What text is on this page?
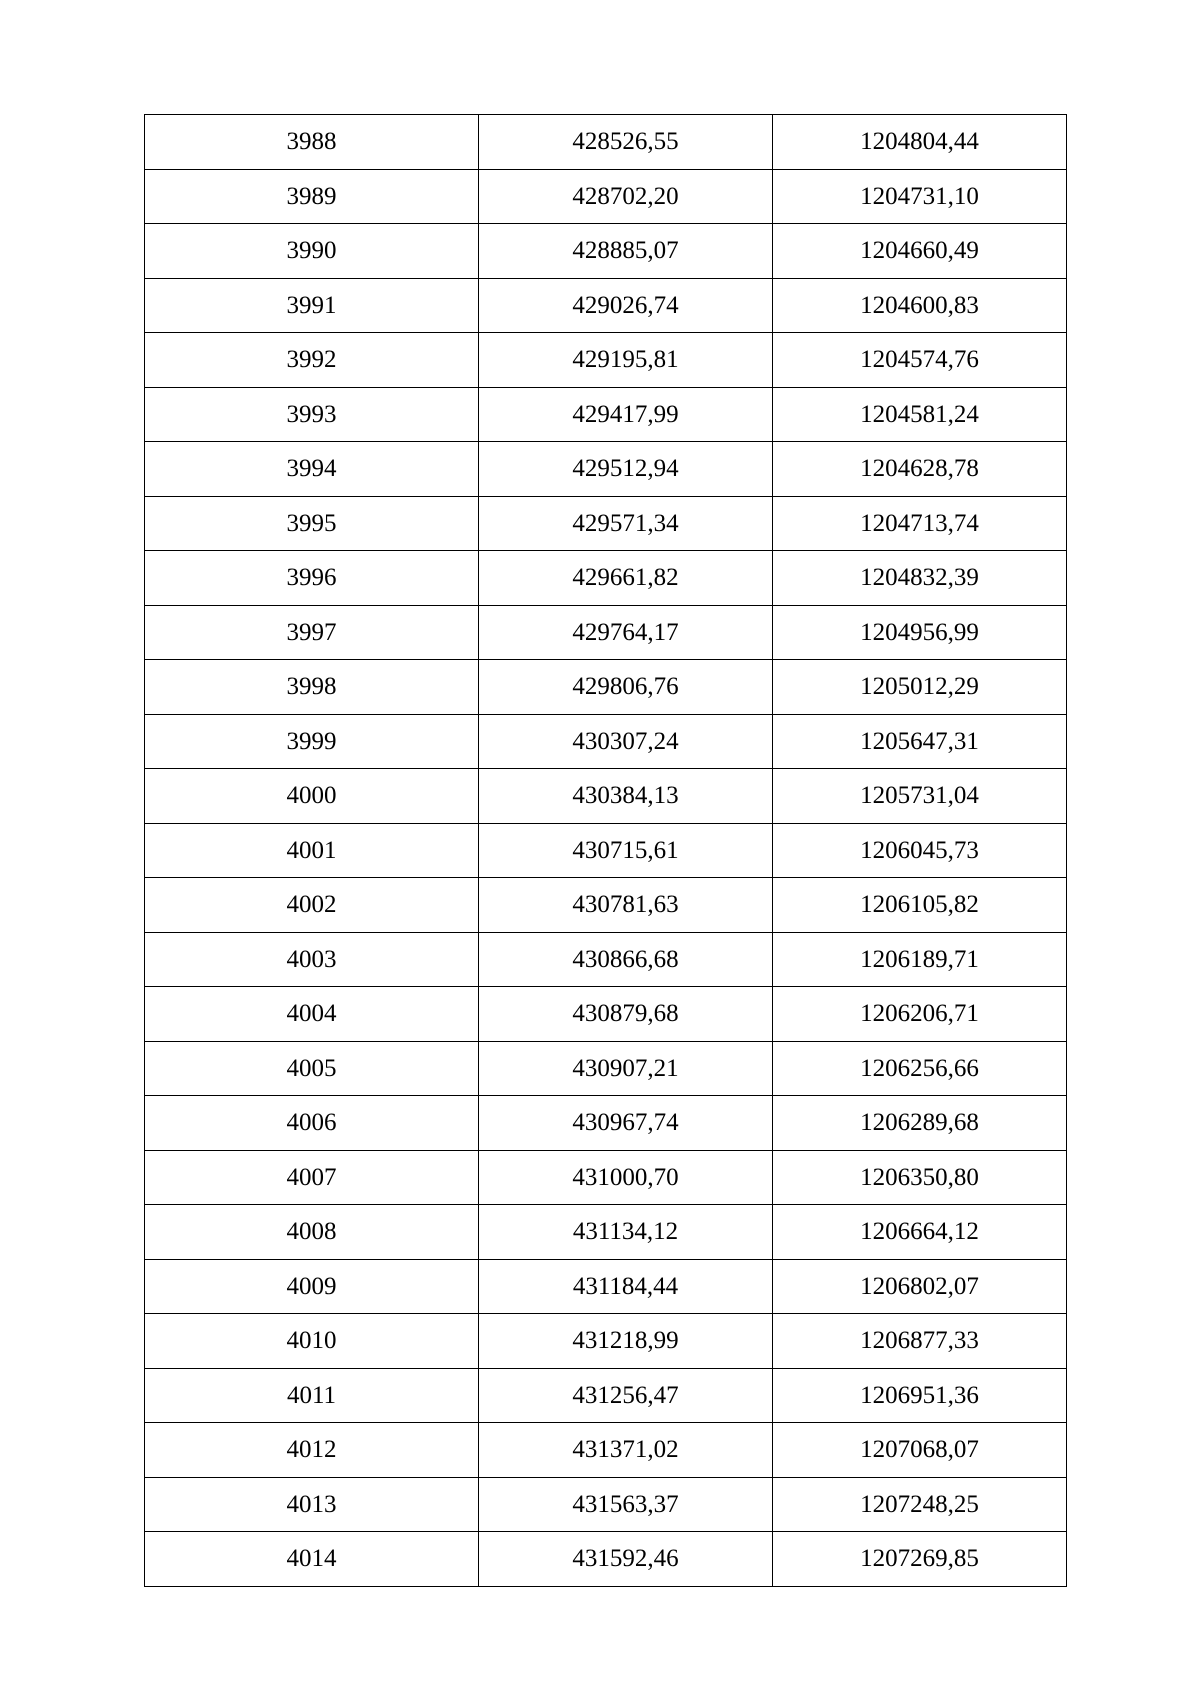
3988	428526,55	1204804,44
3989	428702,20	1204731,10
3990	428885,07	1204660,49
3991	429026,74	1204600,83
3992	429195,81	1204574,76
3993	429417,99	1204581,24
3994	429512,94	1204628,78
3995	429571,34	1204713,74
3996	429661,82	1204832,39
3997	429764,17	1204956,99
3998	429806,76	1205012,29
3999	430307,24	1205647,31
4000	430384,13	1205731,04
4001	430715,61	1206045,73
4002	430781,63	1206105,82
4003	430866,68	1206189,71
4004	430879,68	1206206,71
4005	430907,21	1206256,66
4006	430967,74	1206289,68
4007	431000,70	1206350,80
4008	431134,12	1206664,12
4009	431184,44	1206802,07
4010	431218,99	1206877,33
4011	431256,47	1206951,36
4012	431371,02	1207068,07
4013	431563,37	1207248,25
4014	431592,46	1207269,85
